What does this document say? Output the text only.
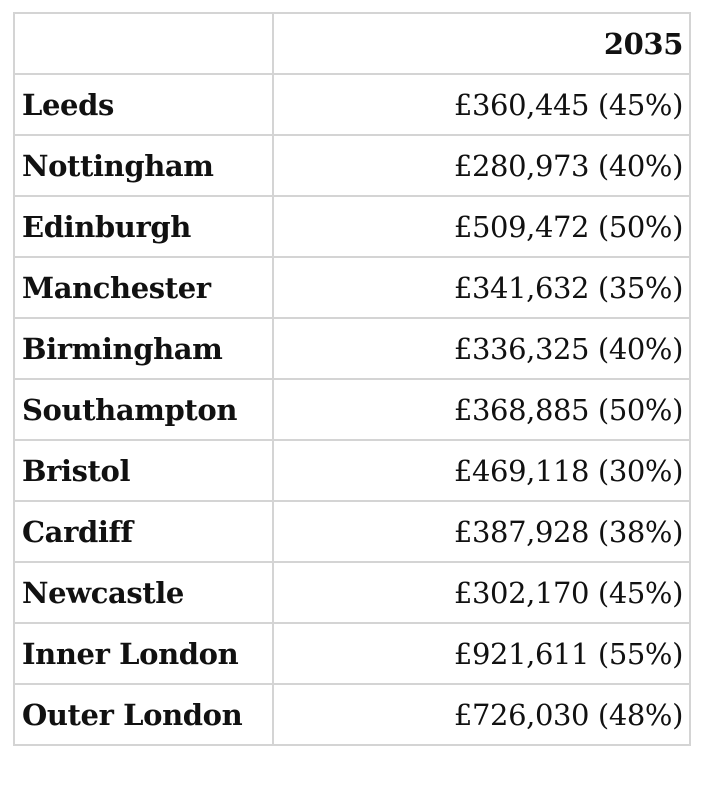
	2035
Leeds	£360,445 (45%)
Nottingham	£280,973 (40%)
Edinburgh	£509,472 (50%)
Manchester	£341,632 (35%)
Birmingham	£336,325 (40%)
Southampton	£368,885 (50%)
Bristol	£469,118 (30%)
Cardiff	£387,928 (38%)
Newcastle	£302,170 (45%)
Inner London	£921,611 (55%)
Outer London	£726,030 (48%)
